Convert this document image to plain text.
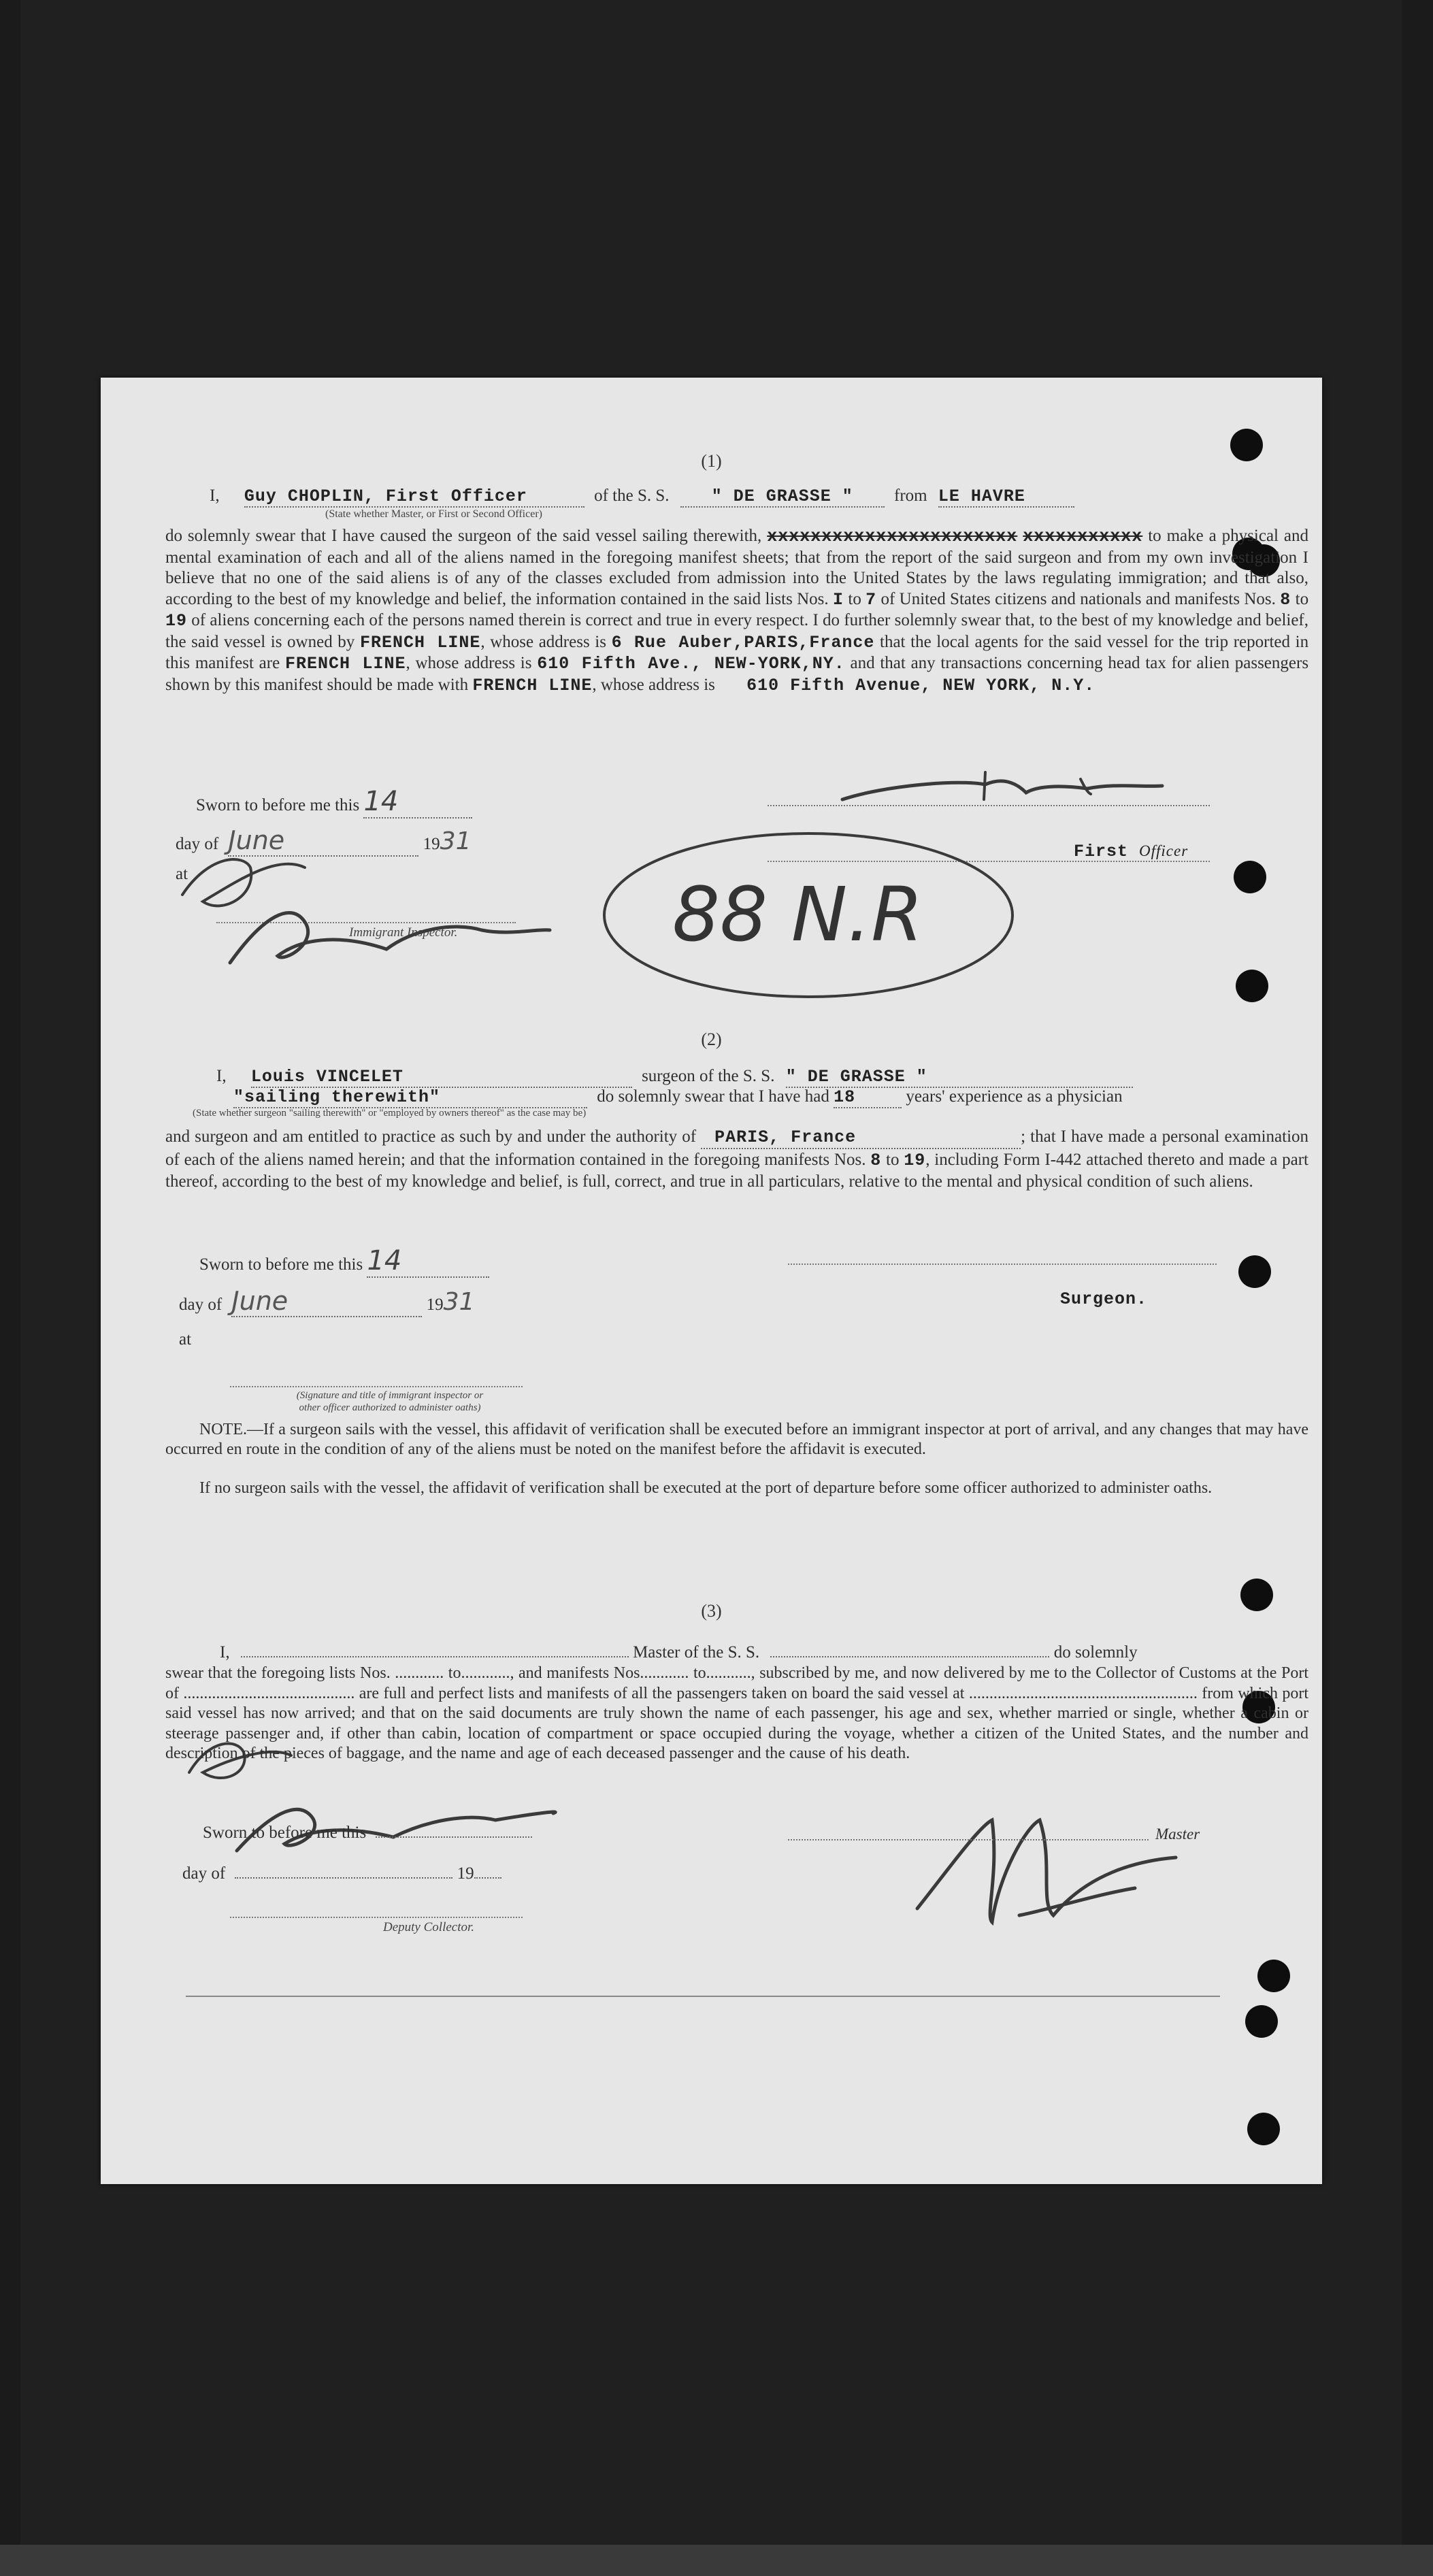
(1)
I, Guy CHOPLIN, First Officer	of the S. S. " DE GRASSE " from LE HAVRE
(State whether Master, or First or Second Officer)
do solemnly swear that I have caused the surgeon of the said vessel sailing therewith, xxxxxxxxxxxxxxxxxxxxxxx xxxxxxxxxxx to make a physical and mental examination of each and all of the aliens named in the foregoing manifest sheets; that from the report of the said surgeon and from my own investigation I believe that no one of the said aliens is of any of the classes excluded from admission into the United States by the laws regulating immigration; and that also, according to the best of my knowledge and belief, the information contained in the said lists Nos. I to 7 of United States citizens and nationals and manifests Nos. 8 to 19 of aliens concerning each of the persons named therein is correct and true in every respect. I do further solemnly swear that, to the best of my knowledge and belief, the said vessel is owned by FRENCH LINE, whose address is 6 Rue Auber,PARIS,France that the local agents for the said vessel for the trip reported in this manifest are FRENCH LINE, whose address is 610 Fifth Ave., NEW-YORK,NY. and that any transactions concerning head tax for alien passengers shown by this manifest should be made with FRENCH LINE, whose address is 610 Fifth Avenue, NEW YORK, N.Y.
Sworn to before me this 14
day of June	1931
at
First Officer
Immigrant Inspector.	88 N.R
(2)
I, Louis VINCELET	surgeon of the S. S. " DE GRASSE "
"sailing therewith"	do solemnly swear that I have had 18	years' experience as a physician
(State whether surgeon "sailing therewith" or "employed by owners thereof" as the case may be)
and surgeon and am entitled to practice as such by and under the authority of PARIS, France	; that I have made a personal examination of each of the aliens named herein; and that the information contained in the foregoing manifests Nos. 8 to 19, including Form I-442 attached thereto and made a part thereof, according to the best of my knowledge and belief, is full, correct, and true in all particulars, relative to the mental and physical condition of such aliens.
Sworn to before me this 14
day of June	1931	Surgeon.
at
(Signature and title of immigrant inspector or other officer authorized to administer oaths)
NOTE.—If a surgeon sails with the vessel, this affidavit of verification shall be executed before an immigrant inspector at port of arrival, and any changes that may have occurred en route in the condition of any of the aliens must be noted on the manifest before the affidavit is executed.
If no surgeon sails with the vessel, the affidavit of verification shall be executed at the port of departure before some officer authorized to administer oaths.
(3)
I,	Master of the S. S.	do solemnly
swear that the foregoing lists Nos. ............ to............, and manifests Nos............ to..........., subscribed by me, and now delivered by me to the Collector of Customs at the Port of .......................................... are full and perfect lists and manifests of all the passengers taken on board the said vessel at ........................................................ from which port said vessel has now arrived; and that on the said documents are truly shown the name of each passenger, his age and sex, whether married or single, whether a cabin or steerage passenger and, if other than cabin, location of compartment or space occupied during the voyage, whether a citizen of the United States, and the number and description of the pieces of baggage, and the name and age of each deceased passenger and the cause of his death.
Sworn to before me this	Master
day of	19
Deputy Collector.
